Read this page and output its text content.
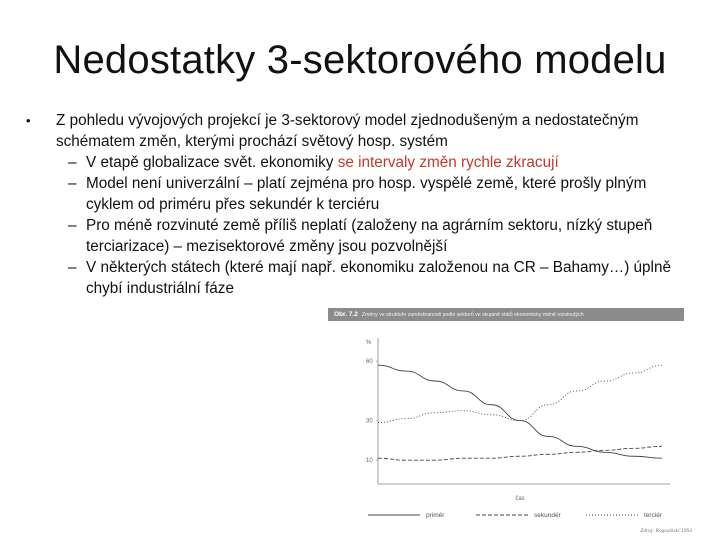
Nedostatky 3-sektorového modelu
• Z pohledu vývojových projekcí je 3-sektorový model zjednodušeným a nedostatečným schématem změn, kterými prochází světový hosp. systém
– V etapě globalizace svět. ekonomiky se intervaly změn rychle zkracují
– Model není univerzální – platí zejména pro hosp. vyspělé země, které prošly plným cyklem od priméru přes sekundér k terciéru
– Pro méně rozvinuté země příliš neplatí (založeny na agrárním sektoru, nízký stupeň terciarizace) – mezisektorové změny jsou pozvolnější
– V některých státech (které mají např. ekonomiku založenou na CR – Bahamy…) úplně chybí industriální fáze
%
60
30
10
čas
primér	sekundér	terciér
Zdroj: Rogoziński 1993
Obr. 7.2 Změny ve struktuře zaměstnanosti podle sektorů ve skupině států ekonomicky méně rozvinutých
